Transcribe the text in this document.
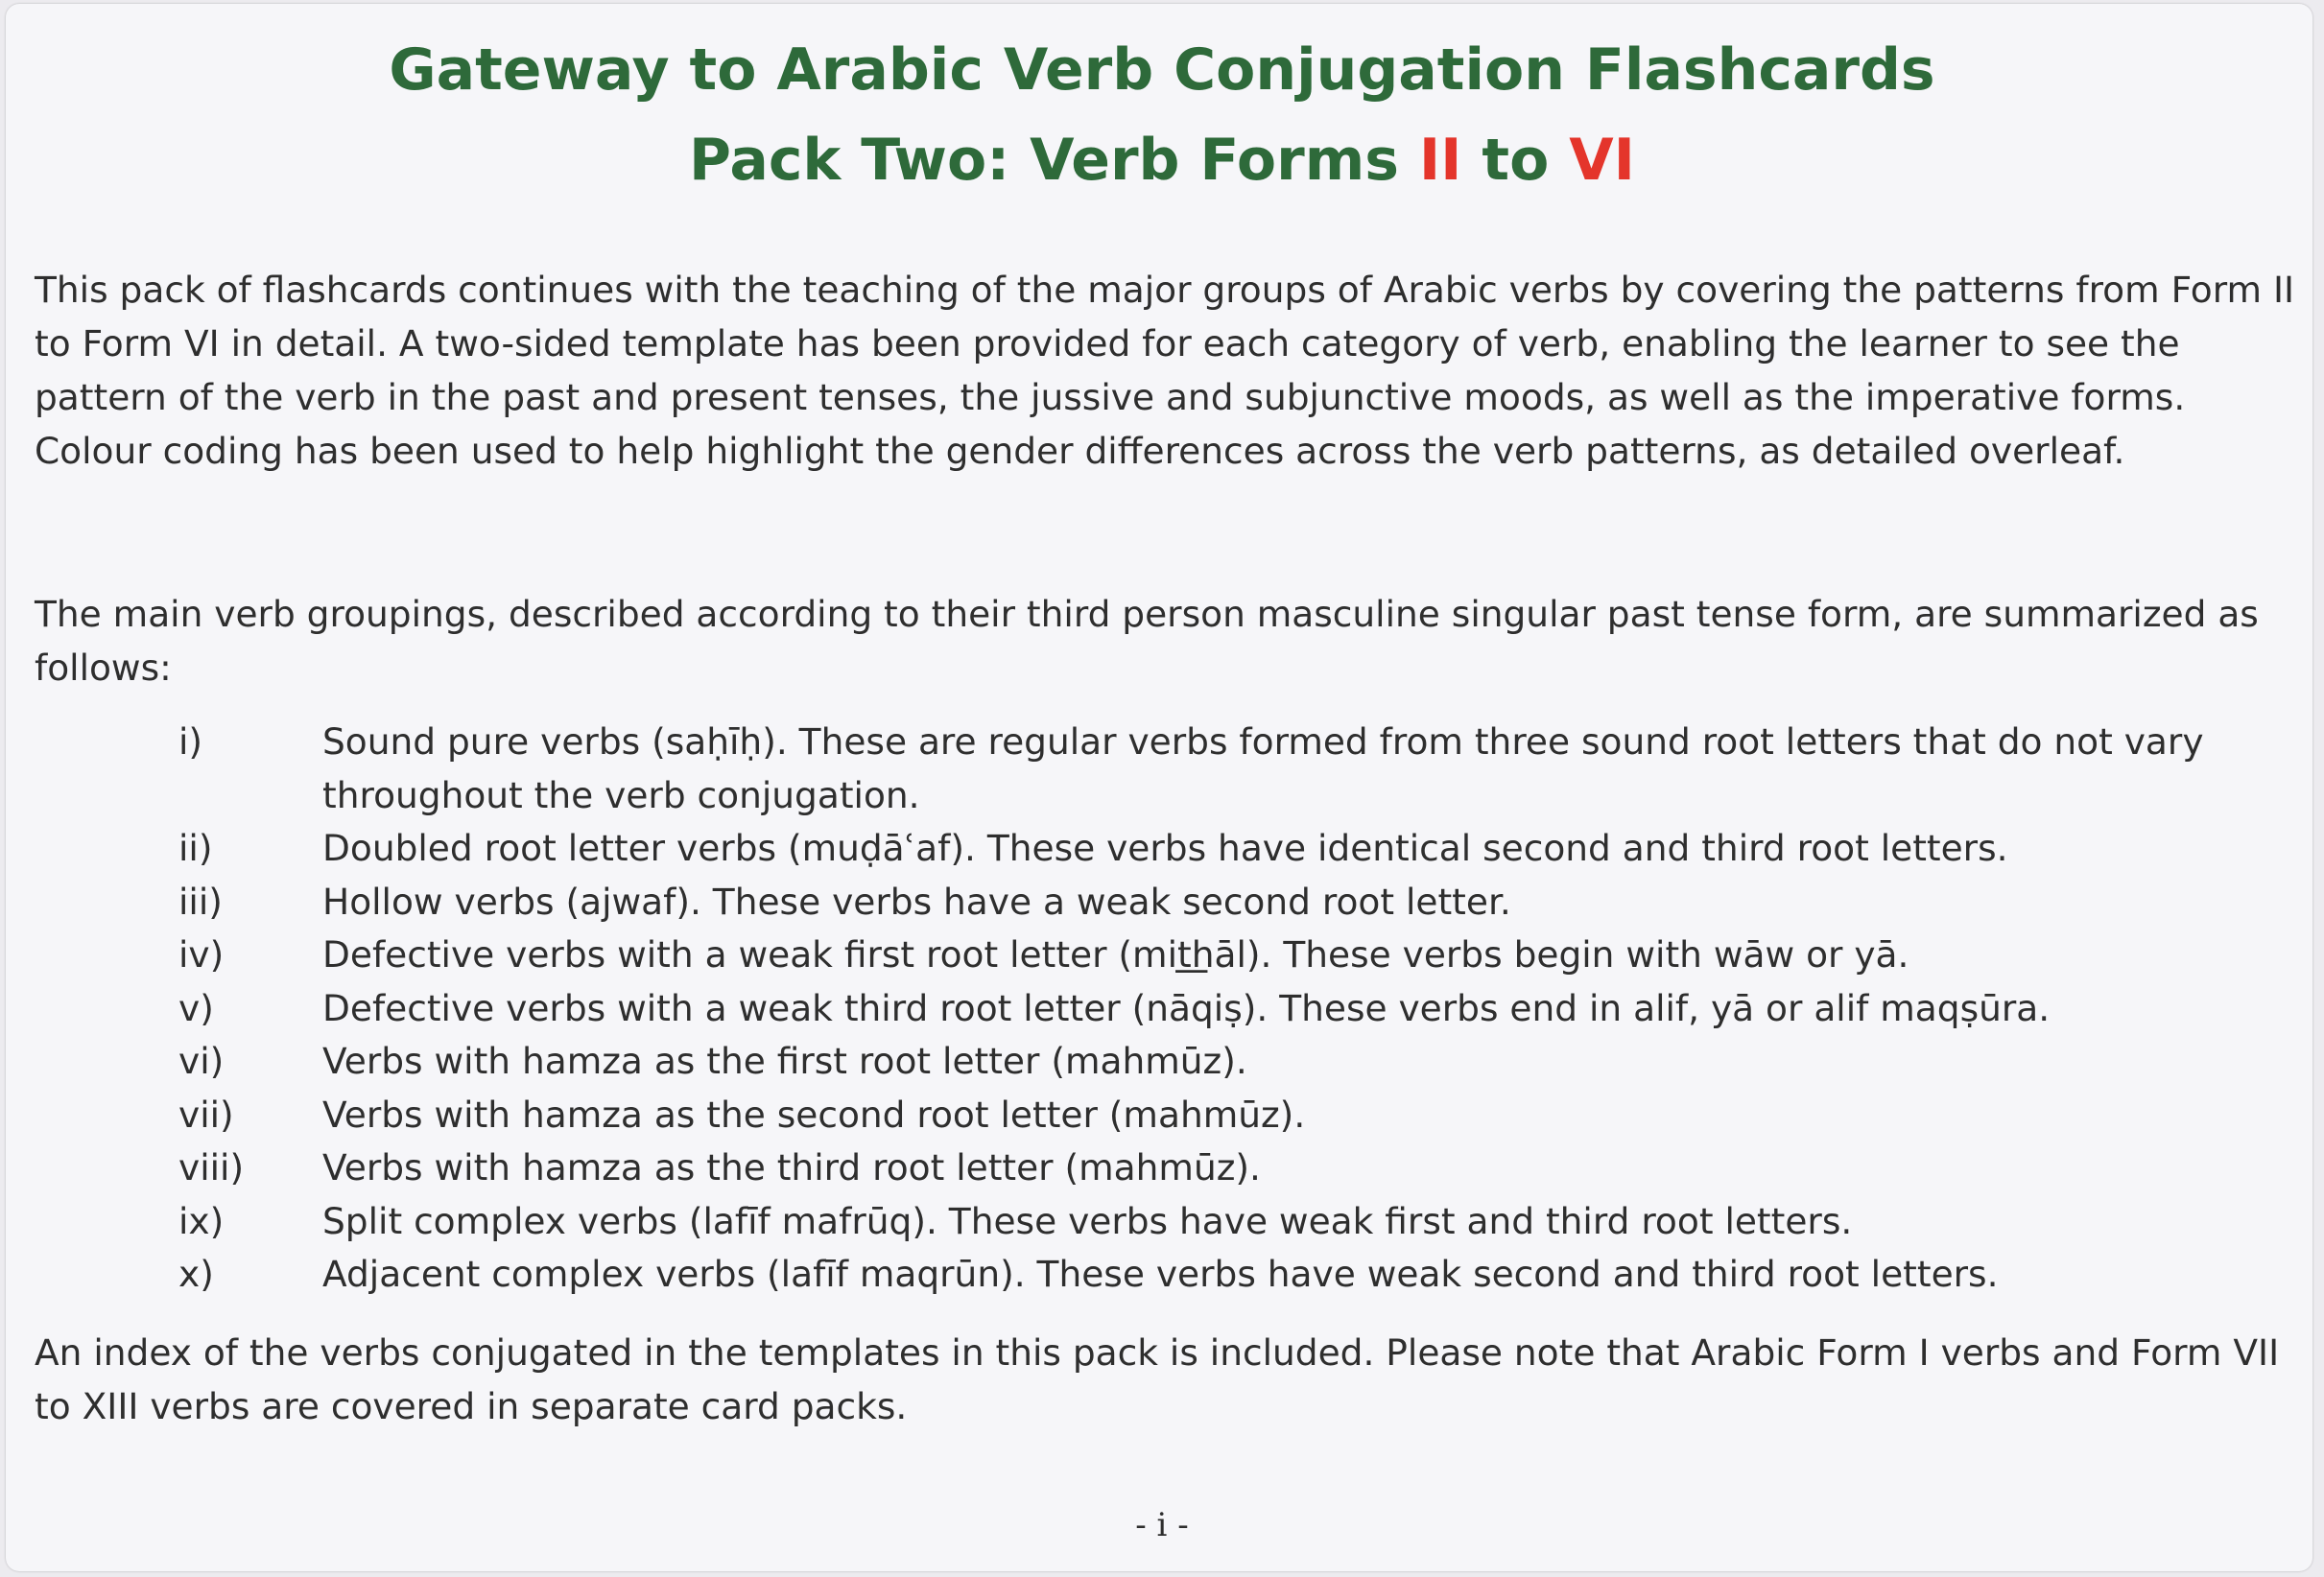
Gateway to Arabic Verb Conjugation Flashcards
Pack Two: Verb Forms II to VI

This pack of flashcards continues with the teaching of the major groups of Arabic verbs by covering the patterns from Form II to Form VI in detail. A two-sided template has been provided for each category of verb, enabling the learner to see the pattern of the verb in the past and present tenses, the jussive and subjunctive moods, as well as the imperative forms. Colour coding has been used to help highlight the gender differences across the verb patterns, as detailed overleaf.

The main verb groupings, described according to their third person masculine singular past tense form, are summarized as follows:

i)	Sound pure verbs (saḥīḥ). These are regular verbs formed from three sound root letters that do not vary throughout the verb conjugation.
ii)	Doubled root letter verbs (muḍāʿaf). These verbs have identical second and third root letters.
iii)	Hollow verbs (ajwaf). These verbs have a weak second root letter.
iv)	Defective verbs with a weak first root letter (mit͟hāl). These verbs begin with wāw or yā.
v)	Defective verbs with a weak third root letter (nāqiṣ). These verbs end in alif, yā or alif maqṣūra.
vi)	Verbs with hamza as the first root letter (mahmūz).
vii) Verbs with hamza as the second root letter (mahmūz).
viii) Verbs with hamza as the third root letter (mahmūz).
ix)	Split complex verbs (lafīf mafrūq). These verbs have weak first and third root letters.
x)	Adjacent complex verbs (lafīf maqrūn). These verbs have weak second and third root letters.

An index of the verbs conjugated in the templates in this pack is included. Please note that Arabic Form I verbs and Form VII to XIII verbs are covered in separate card packs.

- i -
